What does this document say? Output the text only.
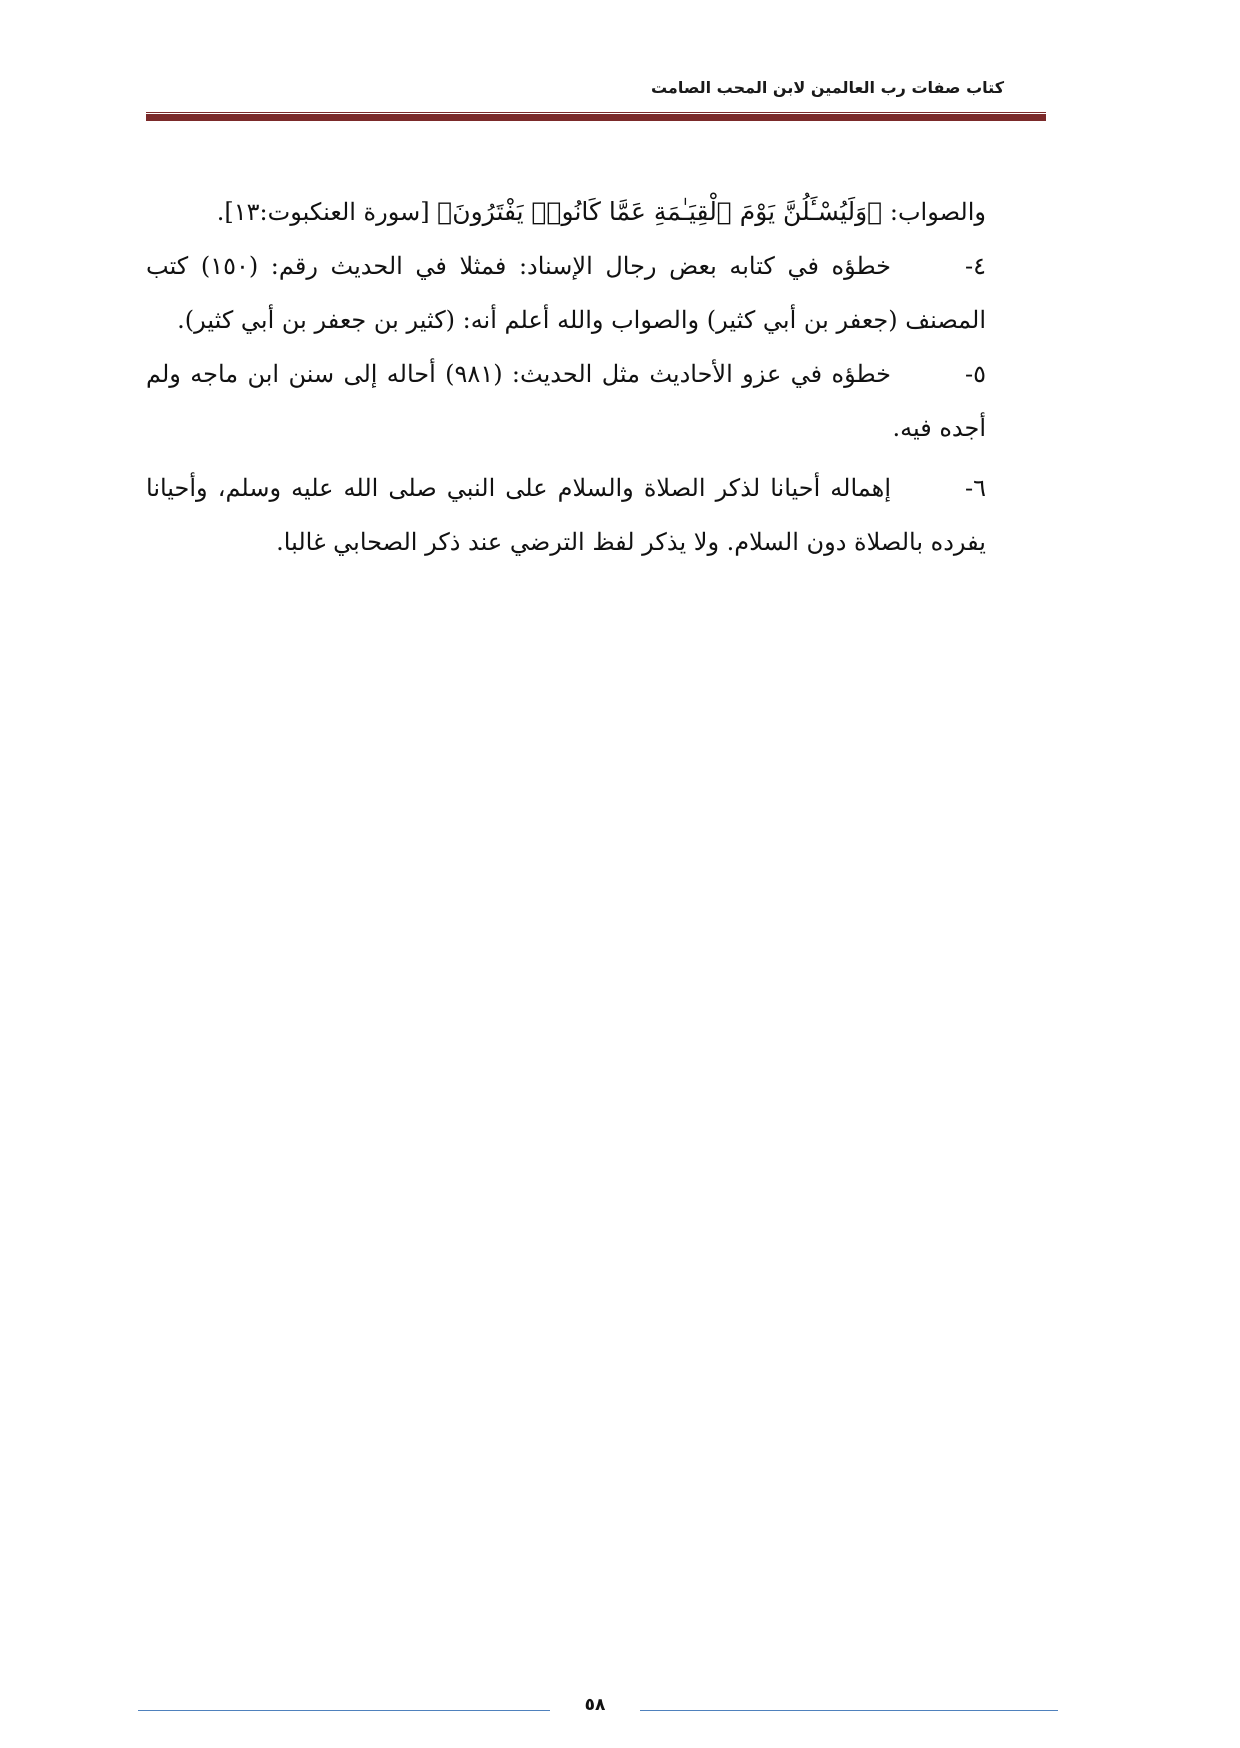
كتاب صفات رب العالمين لابن المحب الصامت

والصواب: ﴿وَلَيُسْـَٔلُنَّ يَوْمَ ٱلْقِيَـٰمَةِ عَمَّا كَانُوا۟ يَفْتَرُونَ﴾ [سورة العنكبوت:١٣].

٤-خطؤه في كتابه بعض رجال الإسناد: فمثلا في الحديث رقم: (١٥٠) كتب المصنف (جعفر بن أبي كثير) والصواب والله أعلم أنه: (كثير بن جعفر بن أبي كثير).

٥-خطؤه في عزو الأحاديث مثل الحديث: (٩٨١) أحاله إلى سنن ابن ماجه ولم أجده فيه.

٦-إهماله أحيانا لذكر الصلاة والسلام على النبي صلى الله عليه وسلم، وأحيانا يفرده بالصلاة دون السلام. ولا يذكر لفظ الترضي عند ذكر الصحابي غالبا.

٥٨
